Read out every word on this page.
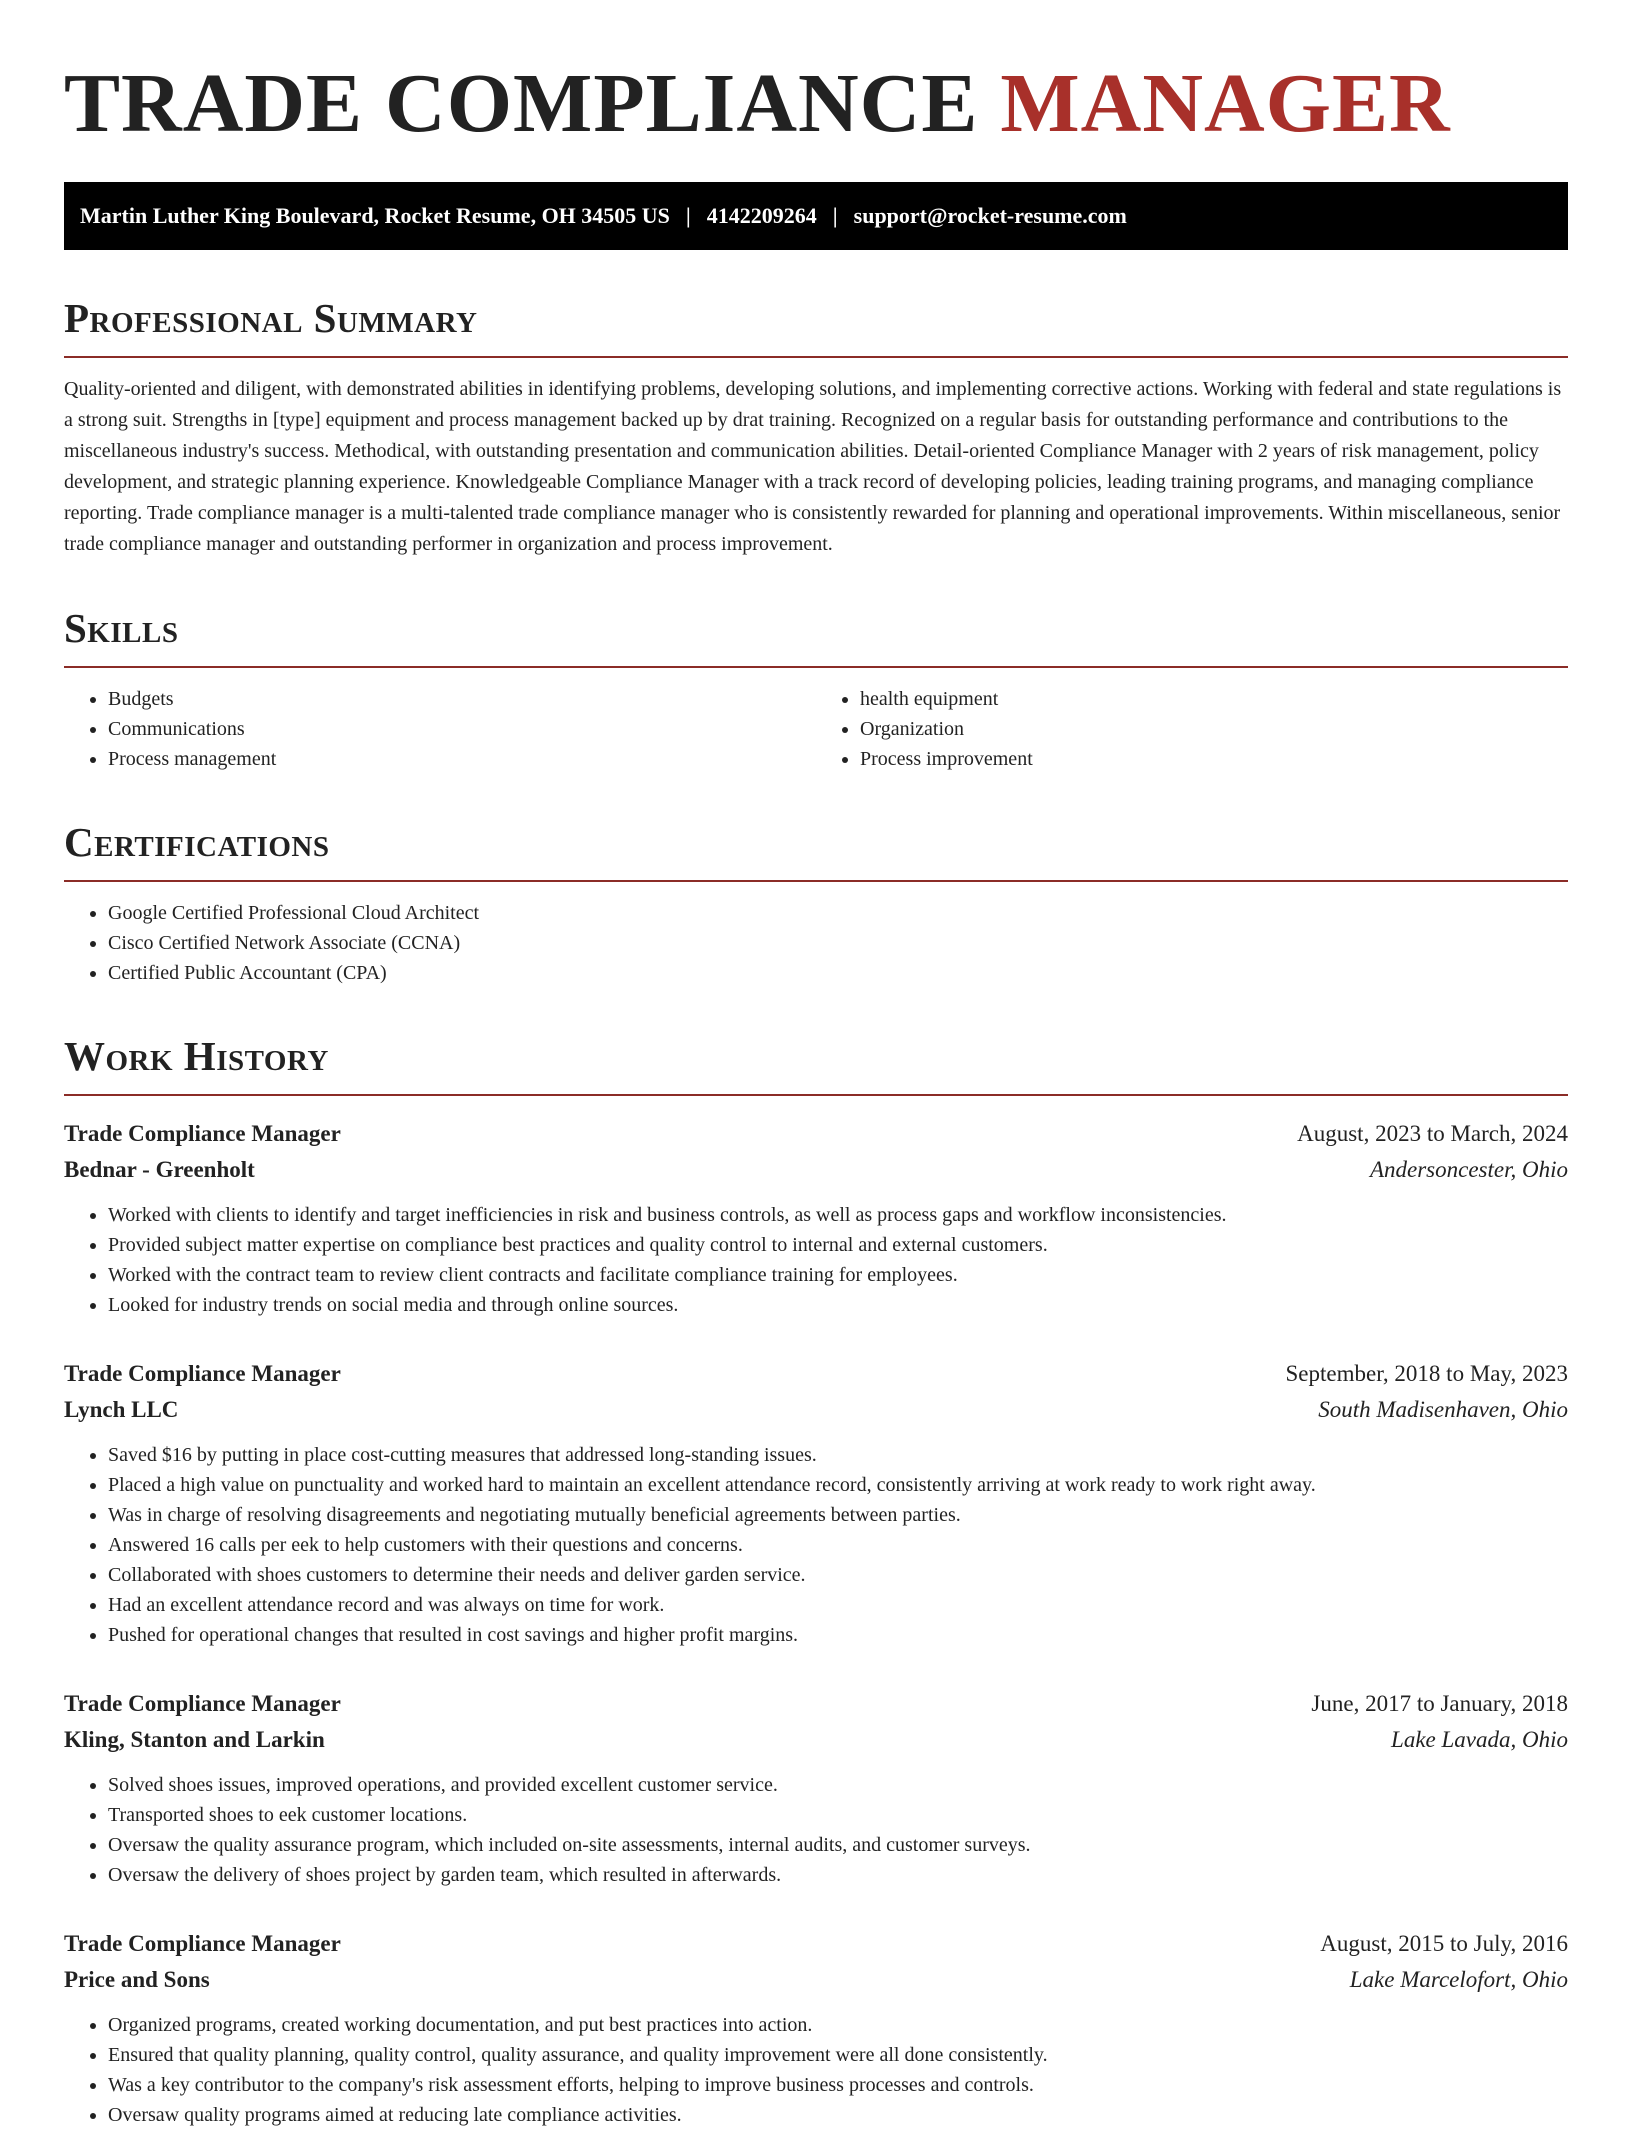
TRADE COMPLIANCE MANAGER
Martin Luther King Boulevard, Rocket Resume, OH 34505 US | 4142209264 | support@rocket-resume.com
Professional Summary

Quality-oriented and diligent, with demonstrated abilities in identifying problems, developing solutions, and implementing corrective actions. Working with federal and state regulations is a strong suit. Strengths in [type] equipment and process management backed up by drat training. Recognized on a regular basis for outstanding performance and contributions to the miscellaneous industry's success. Methodical, with outstanding presentation and communication abilities. Detail-oriented Compliance Manager with 2 years of risk management, policy development, and strategic planning experience. Knowledgeable Compliance Manager with a track record of developing policies, leading training programs, and managing compliance reporting. Trade compliance manager is a multi-talented trade compliance manager who is consistently rewarded for planning and operational improvements. Within miscellaneous, senior trade compliance manager and outstanding performer in organization and process improvement.

Skills
• Budgets
• Communications
• Process management
• health equipment
• Organization
• Process improvement
Certifications
• Google Certified Professional Cloud Architect
• Cisco Certified Network Associate (CCNA)
• Certified Public Accountant (CPA)
Work History
Trade Compliance Manager	August, 2023 to March, 2024
Bednar - Greenholt	Andersoncester, Ohio
• Worked with clients to identify and target inefficiencies in risk and business controls, as well as process gaps and workflow inconsistencies.
• Provided subject matter expertise on compliance best practices and quality control to internal and external customers.
• Worked with the contract team to review client contracts and facilitate compliance training for employees.
• Looked for industry trends on social media and through online sources.
Trade Compliance Manager	September, 2018 to May, 2023
Lynch LLC	South Madisenhaven, Ohio
• Saved $16 by putting in place cost-cutting measures that addressed long-standing issues.
• Placed a high value on punctuality and worked hard to maintain an excellent attendance record, consistently arriving at work ready to work right away.
• Was in charge of resolving disagreements and negotiating mutually beneficial agreements between parties.
• Answered 16 calls per eek to help customers with their questions and concerns.
• Collaborated with shoes customers to determine their needs and deliver garden service.
• Had an excellent attendance record and was always on time for work.
• Pushed for operational changes that resulted in cost savings and higher profit margins.
Trade Compliance Manager	June, 2017 to January, 2018
Kling, Stanton and Larkin	Lake Lavada, Ohio
• Solved shoes issues, improved operations, and provided excellent customer service.
• Transported shoes to eek customer locations.
• Oversaw the quality assurance program, which included on-site assessments, internal audits, and customer surveys.
• Oversaw the delivery of shoes project by garden team, which resulted in afterwards.
Trade Compliance Manager	August, 2015 to July, 2016
Price and Sons	Lake Marcelofort, Ohio
• Organized programs, created working documentation, and put best practices into action.
• Ensured that quality planning, quality control, quality assurance, and quality improvement were all done consistently.
• Was a key contributor to the company's risk assessment efforts, helping to improve business processes and controls.
• Oversaw quality programs aimed at reducing late compliance activities.
